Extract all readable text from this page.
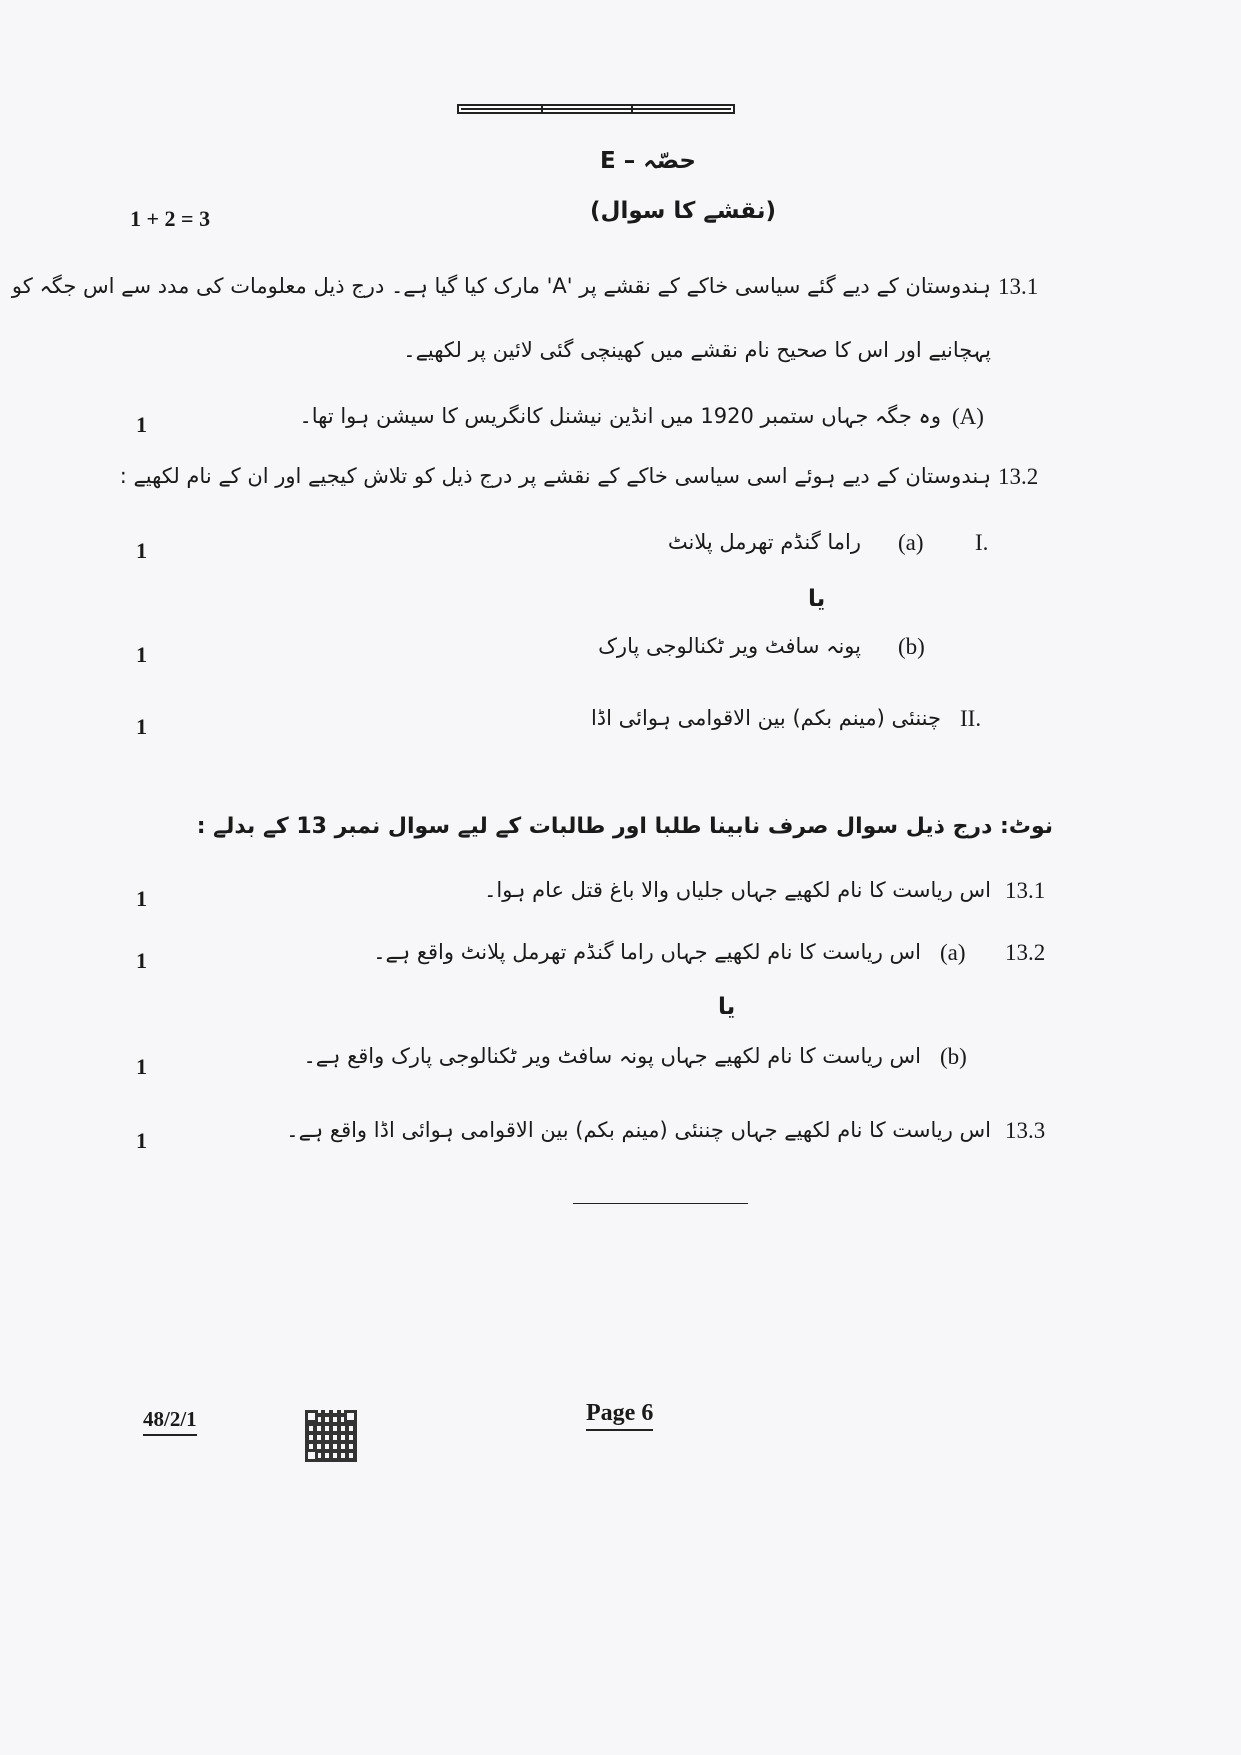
E – حصّہ
(نقشے کا سوال)
1 + 2 = 3
13.1
ہندوستان کے دیے گئے سیاسی خاکے کے نقشے پر 'A' مارک کیا گیا ہے۔ درج ذیل معلومات کی مدد سے اس جگہ کو
پہچانیے اور اس کا صحیح نام نقشے میں کھینچی گئی لائین پر لکھیے۔
(A)
وہ جگہ جہاں ستمبر 1920 میں انڈین نیشنل کانگریس کا سیشن ہوا تھا۔
1
13.2
ہندوستان کے دیے ہوئے اسی سیاسی خاکے کے نقشے پر درج ذیل کو تلاش کیجیے اور ان کے نام لکھیے :
I.
(a)
راما گنڈم تھرمل پلانٹ
1
یا
(b)
پونہ سافٹ ویر ٹکنالوجی پارک
1
II.
چننئی (مینم بکم) بین الاقوامی ہوائی اڈا
1
نوٹ: درج ذیل سوال صرف نابینا طلبا اور طالبات کے لیے سوال نمبر 13 کے بدلے :
13.1
اس ریاست کا نام لکھیے جہاں جلیاں والا باغ قتل عام ہوا۔
1
13.2
(a)
اس ریاست کا نام لکھیے جہاں راما گنڈم تھرمل پلانٹ واقع ہے۔
1
یا
(b)
اس ریاست کا نام لکھیے جہاں پونہ سافٹ ویر ٹکنالوجی پارک واقع ہے۔
1
13.3
اس ریاست کا نام لکھیے جہاں چننئی (مینم بکم) بین الاقوامی ہوائی اڈا واقع ہے۔
1
48/2/1	Page 6
